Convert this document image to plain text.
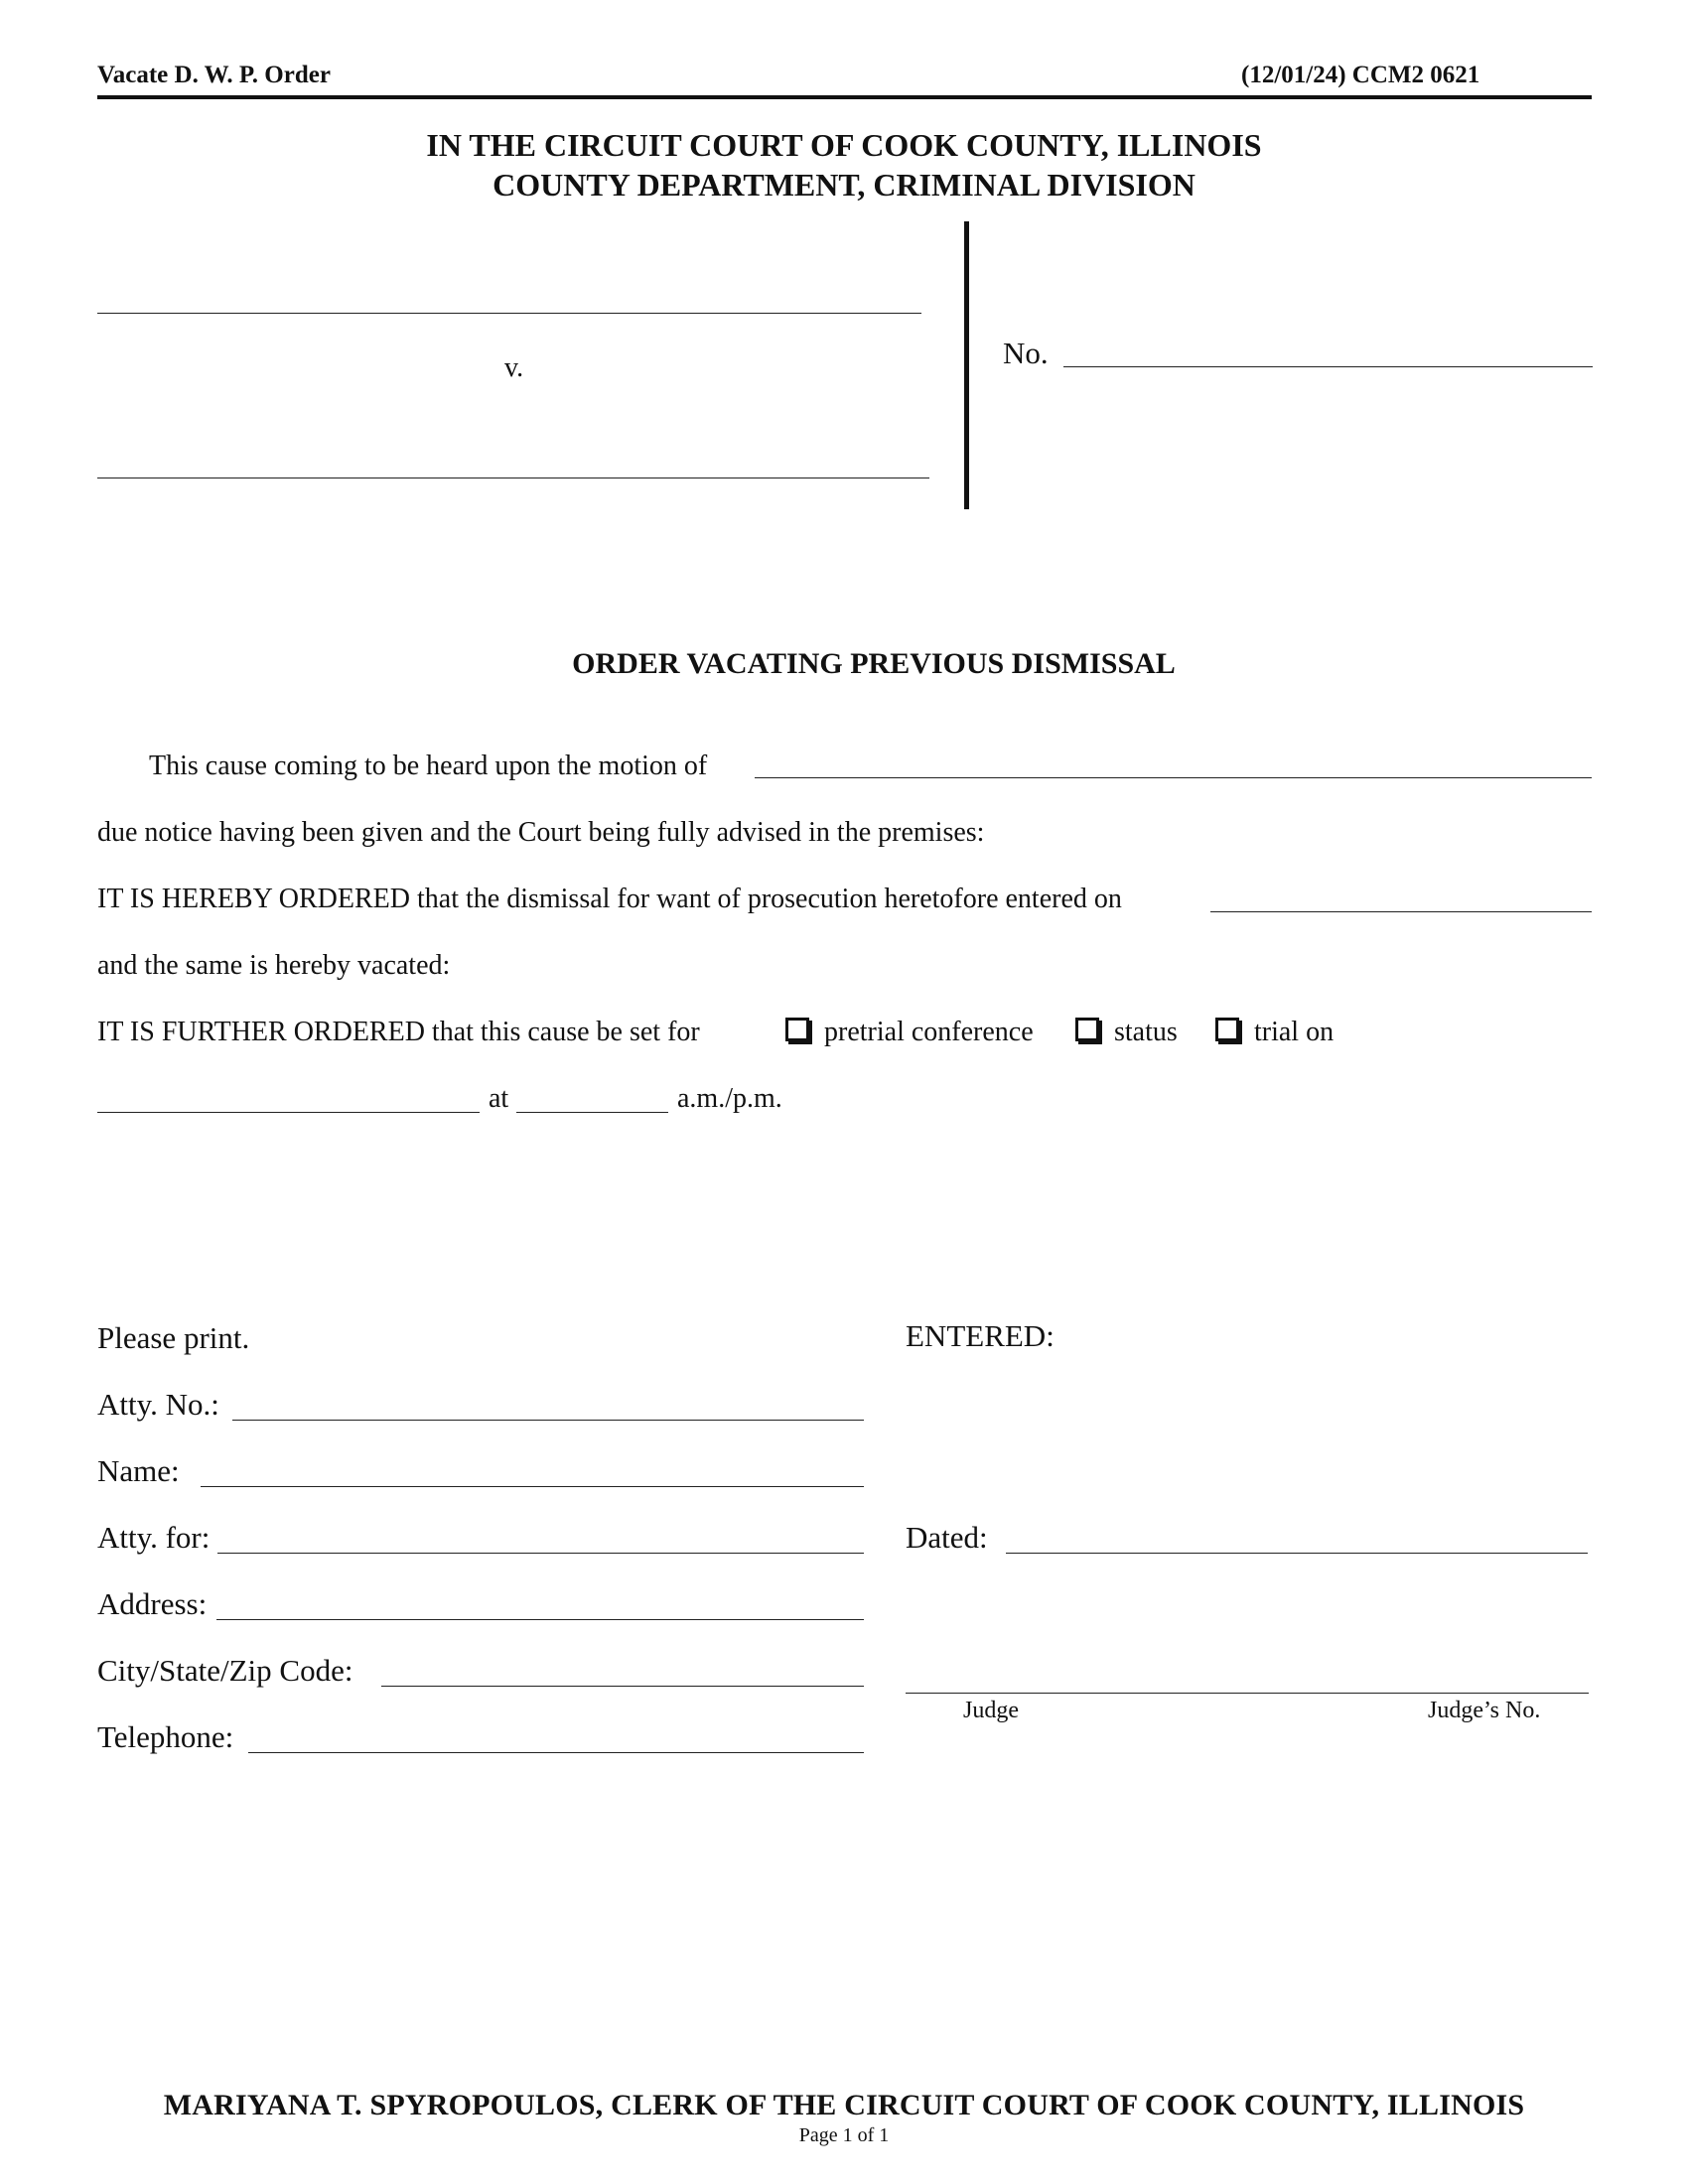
Vacate D. W. P. Order	(12/01/24) CCM2 0621
IN THE CIRCUIT COURT OF COOK COUNTY, ILLINOIS
COUNTY DEPARTMENT, CRIMINAL DIVISION
v.	No.
ORDER VACATING PREVIOUS DISMISSAL
This cause coming to be heard upon the motion of
due notice having been given and the Court being fully advised in the premises:
IT IS HEREBY ORDERED that the dismissal for want of prosecution heretofore entered on
and the same is hereby vacated:
IT IS FURTHER ORDERED that this cause be set for	pretrial conference	status	trial on
at	a.m./p.m.
Please print.
Atty. No.:
Name:
Atty. for:
Address:
City/State/Zip Code:
Telephone:
ENTERED:
Dated:
Judge	Judge’s No.
MARIYANA T. SPYROPOULOS, CLERK OF THE CIRCUIT COURT OF COOK COUNTY, ILLINOIS
Page 1 of 1
